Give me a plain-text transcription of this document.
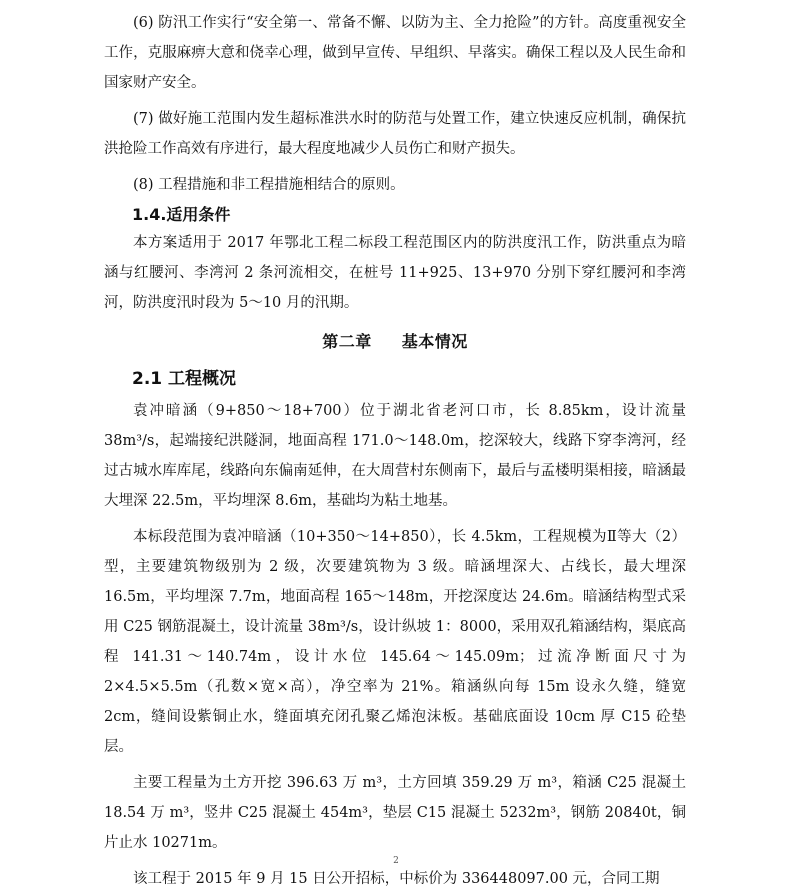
(6) 防汛工作实行“安全第一、常备不懈、以防为主、全力抢险”的方针。高度重视安全工作，克服麻痹大意和侥幸心理，做到早宣传、早组织、早落实。确保工程以及人民生命和国家财产安全。

(7) 做好施工范围内发生超标准洪水时的防范与处置工作，建立快速反应机制，确保抗洪抢险工作高效有序进行，最大程度地减少人员伤亡和财产损失。

(8) 工程措施和非工程措施相结合的原则。

1.4.适用条件

本方案适用于 2017 年鄂北工程二标段工程范围区内的防洪度汛工作，防洪重点为暗涵与红腰河、李湾河 2 条河流相交，在桩号 11+925、13+970 分别下穿红腰河和李湾河，防洪度汛时段为 5～10 月的汛期。

第二章 基本情况
2.1 工程概况

袁冲暗涵（9+850～18+700）位于湖北省老河口市，长 8.85km，设计流量 38m³/s，起端接纪洪隧洞，地面高程 171.0～148.0m，挖深较大，线路下穿李湾河，经过古城水库库尾，线路向东偏南延伸，在大周营村东侧南下，最后与孟楼明渠相接，暗涵最大埋深 22.5m，平均埋深 8.6m，基础均为粘土地基。

本标段范围为袁冲暗涵（10+350～14+850），长 4.5km，工程规模为Ⅱ等大（2）型，主要建筑物级别为 2 级，次要建筑物为 3 级。暗涵埋深大、占线长，最大埋深 16.5m，平均埋深 7.7m，地面高程 165～148m，开挖深度达 24.6m。暗涵结构型式采用 C25 钢筋混凝土，设计流量 38m³/s，设计纵坡 1：8000，采用双孔箱涵结构，渠底高程 141.31～140.74m，设计水位 145.64～145.09m；过流净断面尺寸为 2×4.5×5.5m（孔数×宽×高），净空率为 21%。箱涵纵向每 15m 设永久缝，缝宽 2cm，缝间设紫铜止水，缝面填充闭孔聚乙烯泡沫板。基础底面设 10cm 厚 C15 砼垫层。

主要工程量为土方开挖 396.63 万 m³，土方回填 359.29 万 m³，箱涵 C25 混凝土 18.54 万 m³，竖井 C25 混凝土 454m³，垫层 C15 混凝土 5232m³，钢筋 20840t，铜片止水 10271m。

该工程于 2015 年 9 月 15 日公开招标，中标价为 336448097.00 元，合同工期

2
